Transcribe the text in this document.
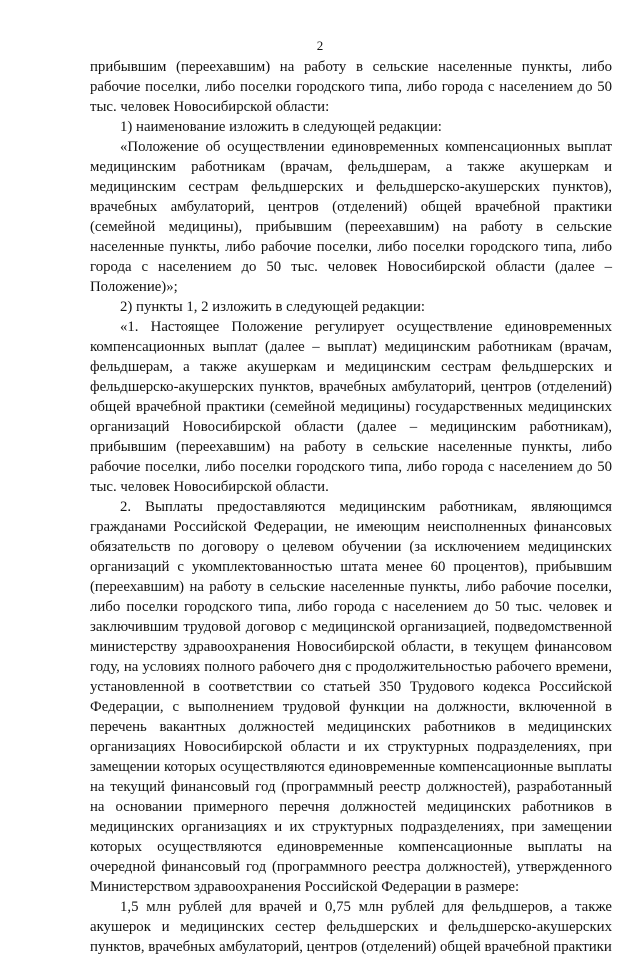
2

прибывшим (переехавшим) на работу в сельские населенные пункты, либо рабочие поселки, либо поселки городского типа, либо города с населением до 50 тыс. человек Новосибирской области:

1) наименование изложить в следующей редакции:

«Положение об осуществлении единовременных компенсационных выплат медицинским работникам (врачам, фельдшерам, а также акушеркам и медицинским сестрам фельдшерских и фельдшерско-акушерских пунктов), врачебных амбулаторий, центров (отделений) общей врачебной практики (семейной медицины), прибывшим (переехавшим) на работу в сельские населенные пункты, либо рабочие поселки, либо поселки городского типа, либо города с населением до 50 тыс. человек Новосибирской области (далее – Положение)»;

2) пункты 1, 2 изложить в следующей редакции:

«1. Настоящее Положение регулирует осуществление единовременных компенсационных выплат (далее – выплат) медицинским работникам (врачам, фельдшерам, а также акушеркам и медицинским сестрам фельдшерских и фельдшерско-акушерских пунктов, врачебных амбулаторий, центров (отделений) общей врачебной практики (семейной медицины) государственных медицинских организаций Новосибирской области (далее – медицинским работникам), прибывшим (переехавшим) на работу в сельские населенные пункты, либо рабочие поселки, либо поселки городского типа, либо города с населением до 50 тыс. человек Новосибирской области.

2. Выплаты предоставляются медицинским работникам, являющимся гражданами Российской Федерации, не имеющим неисполненных финансовых обязательств по договору о целевом обучении (за исключением медицинских организаций с укомплектованностью штата менее 60 процентов), прибывшим (переехавшим) на работу в сельские населенные пункты, либо рабочие поселки, либо поселки городского типа, либо города с населением до 50 тыс. человек и заключившим трудовой договор с медицинской организацией, подведомственной министерству здравоохранения Новосибирской области, в текущем финансовом году, на условиях полного рабочего дня с продолжительностью рабочего времени, установленной в соответствии со статьей 350 Трудового кодекса Российской Федерации, с выполнением трудовой функции на должности, включенной в перечень вакантных должностей медицинских работников в медицинских организациях Новосибирской области и их структурных подразделениях, при замещении которых осуществляются единовременные компенсационные выплаты на текущий финансовый год (программный реестр должностей), разработанный на основании примерного перечня должностей медицинских работников в медицинских организациях и их структурных подразделениях, при замещении которых осуществляются единовременные компенсационные выплаты на очередной финансовый год (программного реестра должностей), утвержденного Министерством здравоохранения Российской Федерации в размере:

1,5 млн рублей для врачей и 0,75 млн рублей для фельдшеров, а также акушерок и медицинских сестер фельдшерских и фельдшерско-акушерских пунктов, врачебных амбулаторий, центров (отделений) общей врачебной практики
